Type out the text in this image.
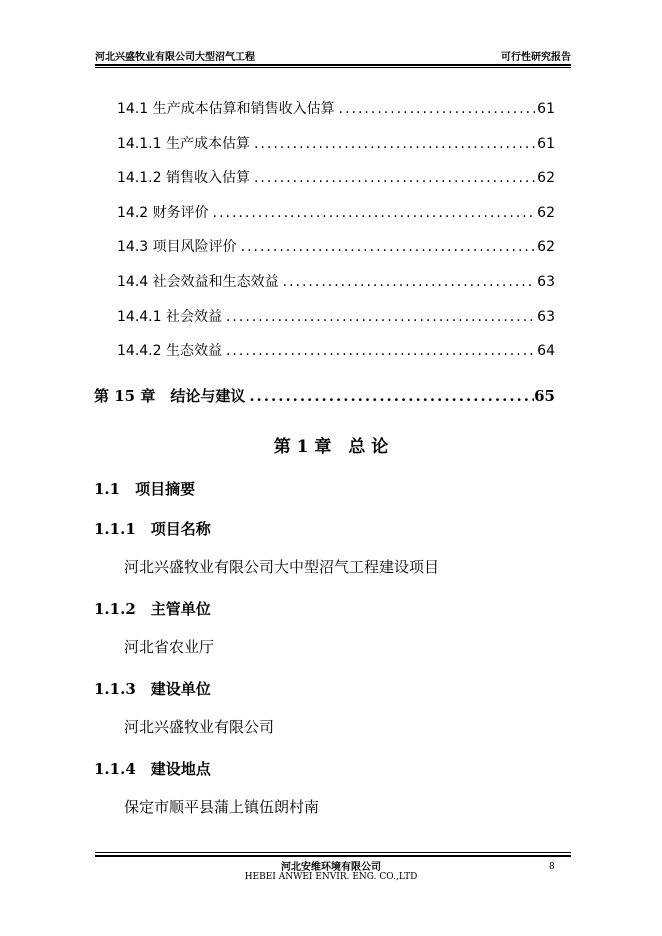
河北兴盛牧业有限公司大型沼气工程	可行性研究报告
14.1 生产成本估算和销售收入估算 .....	61
14.1.1 生产成本估算 .....	61
14.1.2 销售收入估算 .....	62
14.2 财务评价 .....	62
14.3 项目风险评价 .....	62
14.4 社会效益和生态效益 .....	63
14.4.1 社会效益 .....	63
14.4.2 生态效益 .....	64
第 15 章　结论与建议 .....	65
第 1 章　总 论
1.1　项目摘要
1.1.1　项目名称
河北兴盛牧业有限公司大中型沼气工程建设项目
1.1.2　主管单位
河北省农业厅
1.1.3　建设单位
河北兴盛牧业有限公司
1.1.4　建设地点
保定市顺平县蒲上镇伍朗村南
河北安维环境有限公司
HEBEI ANWEI ENVIR. ENG. CO.,LTD
8
